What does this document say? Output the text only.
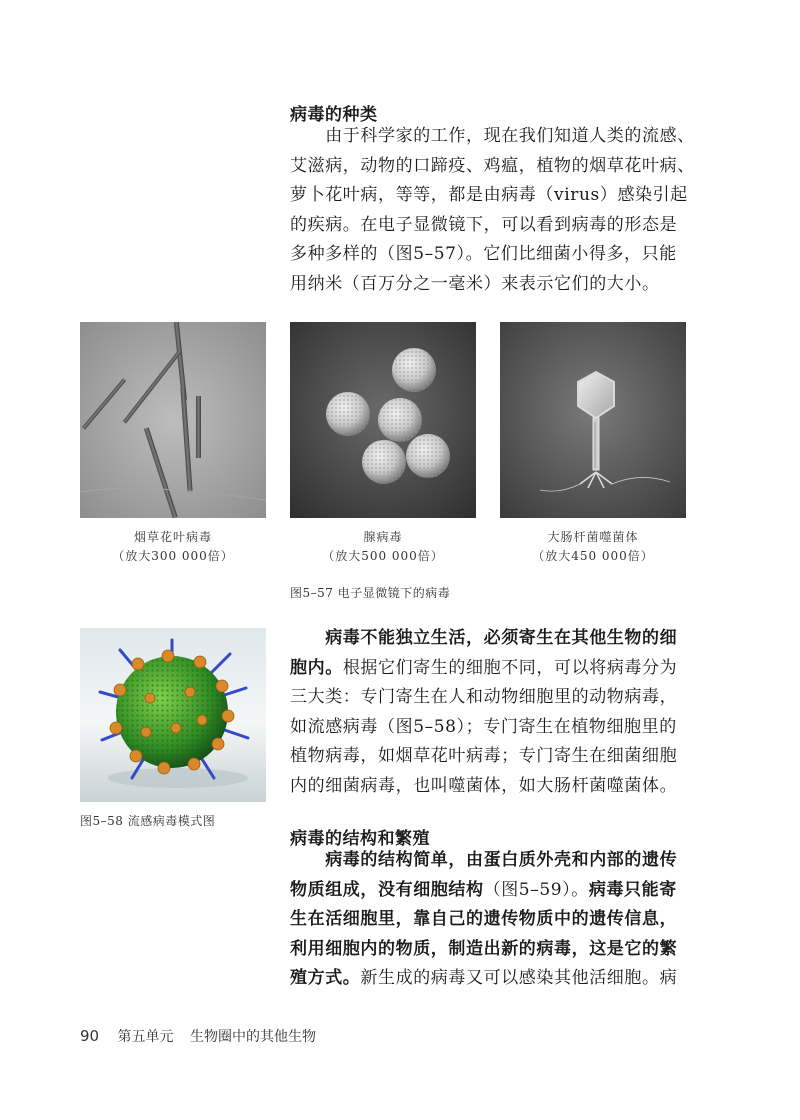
病毒的种类
　　由于科学家的工作，现在我们知道人类的流感、
艾滋病，动物的口蹄疫、鸡瘟，植物的烟草花叶病、
萝卜花叶病，等等，都是由病毒（virus）感染引起
的疾病。在电子显微镜下，可以看到病毒的形态是
多种多样的（图5–57）。它们比细菌小得多，只能
用纳米（百万分之一毫米）来表示它们的大小。
烟草花叶病毒
（放大300 000倍）
腺病毒
（放大500 000倍）
大肠杆菌噬菌体
（放大450 000倍）
图5–57 电子显微镜下的病毒
图5–58 流感病毒模式图
　　病毒不能独立生活，必须寄生在其他生物的细
胞内。根据它们寄生的细胞不同，可以将病毒分为
三大类：专门寄生在人和动物细胞里的动物病毒，
如流感病毒（图5–58）；专门寄生在植物细胞里的
植物病毒，如烟草花叶病毒；专门寄生在细菌细胞
内的细菌病毒，也叫噬菌体，如大肠杆菌噬菌体。
病毒的结构和繁殖
　　病毒的结构简单，由蛋白质外壳和内部的遗传
物质组成，没有细胞结构（图5–59）。病毒只能寄
生在活细胞里，靠自己的遗传物质中的遗传信息，
利用细胞内的物质，制造出新的病毒，这是它的繁
殖方式。新生成的病毒又可以感染其他活细胞。病
90 第五单元 生物圈中的其他生物
